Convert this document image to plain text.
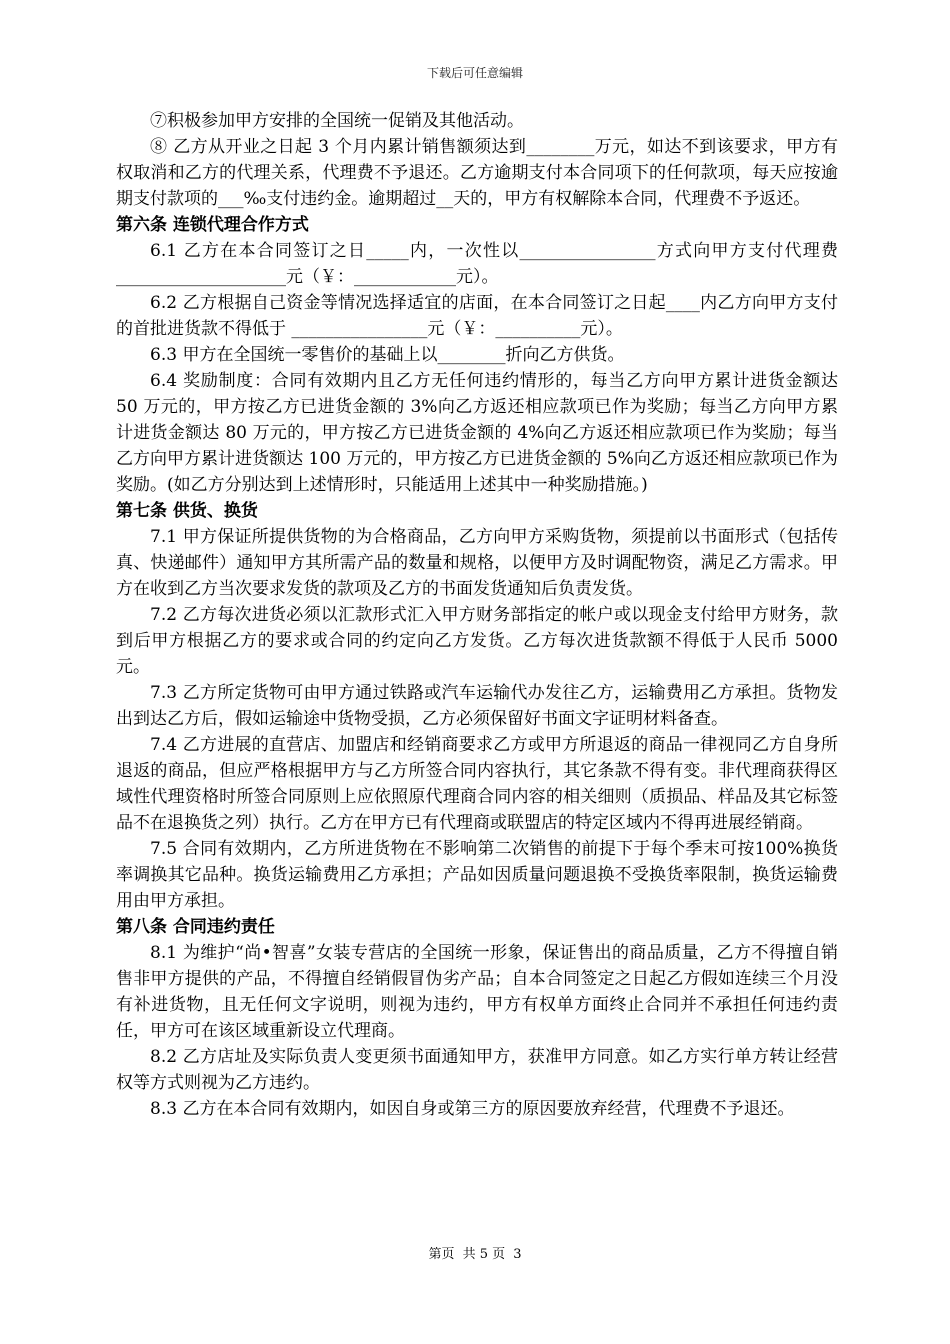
下载后可任意编辑

⑦积极参加甲方安排的全国统一促销及其他活动。

⑧ 乙方从开业之日起 3 个月内累计销售额须达到________万元，如达不到该要求，甲方有权取消和乙方的代理关系，代理费不予退还。乙方逾期支付本合同项下的任何款项，每天应按逾期支付款项的___‰支付违约金。逾期超过__天的，甲方有权解除本合同，代理费不予返还。

第六条 连锁代理合作方式

6.1 乙方在本合同签订之日_____内，一次性以________________方式向甲方支付代理费____________________元（￥：____________元）。

6.2 乙方根据自己资金等情况选择适宜的店面，在本合同签订之日起____内乙方向甲方支付的首批进货款不得低于 ________________元（￥：__________元）。

6.3 甲方在全国统一零售价的基础上以________折向乙方供货。

6.4 奖励制度：合同有效期内且乙方无任何违约情形的，每当乙方向甲方累计进货金额达 50 万元的，甲方按乙方已进货金额的 3%向乙方返还相应款项已作为奖励；每当乙方向甲方累计进货金额达 80 万元的，甲方按乙方已进货金额的 4%向乙方返还相应款项已作为奖励；每当乙方向甲方累计进货额达 100 万元的，甲方按乙方已进货金额的 5%向乙方返还相应款项已作为奖励。(如乙方分别达到上述情形时，只能适用上述其中一种奖励措施。)

第七条 供货、换货

7.1 甲方保证所提供货物的为合格商品，乙方向甲方采购货物，须提前以书面形式（包括传真、快递邮件）通知甲方其所需产品的数量和规格，以便甲方及时调配物资，满足乙方需求。甲方在收到乙方当次要求发货的款项及乙方的书面发货通知后负责发货。

7.2 乙方每次进货必须以汇款形式汇入甲方财务部指定的帐户或以现金支付给甲方财务，款到后甲方根据乙方的要求或合同的约定向乙方发货。乙方每次进货款额不得低于人民币 5000 元。

7.3 乙方所定货物可由甲方通过铁路或汽车运输代办发往乙方，运输费用乙方承担。货物发出到达乙方后，假如运输途中货物受损，乙方必须保留好书面文字证明材料备查。

7.4 乙方进展的直营店、加盟店和经销商要求乙方或甲方所退返的商品一律视同乙方自身所退返的商品，但应严格根据甲方与乙方所签合同内容执行，其它条款不得有变。非代理商获得区域性代理资格时所签合同原则上应依照原代理商合同内容的相关细则（质损品、样品及其它标签品不在退换货之列）执行。乙方在甲方已有代理商或联盟店的特定区域内不得再进展经销商。

7.5 合同有效期内，乙方所进货物在不影响第二次销售的前提下于每个季末可按100%换货率调换其它品种。换货运输费用乙方承担；产品如因质量问题退换不受换货率限制，换货运输费用由甲方承担。

第八条 合同违约责任

8.1 为维护“尚•智喜”女装专营店的全国统一形象，保证售出的商品质量，乙方不得擅自销售非甲方提供的产品，不得擅自经销假冒伪劣产品；自本合同签定之日起乙方假如连续三个月没有补进货物，且无任何文字说明，则视为违约，甲方有权单方面终止合同并不承担任何违约责任，甲方可在该区域重新设立代理商。

8.2 乙方店址及实际负责人变更须书面通知甲方，获准甲方同意。如乙方实行单方转让经营权等方式则视为乙方违约。

8.3 乙方在本合同有效期内，如因自身或第三方的原因要放弃经营，代理费不予退还。

第页 共 5 页 3
